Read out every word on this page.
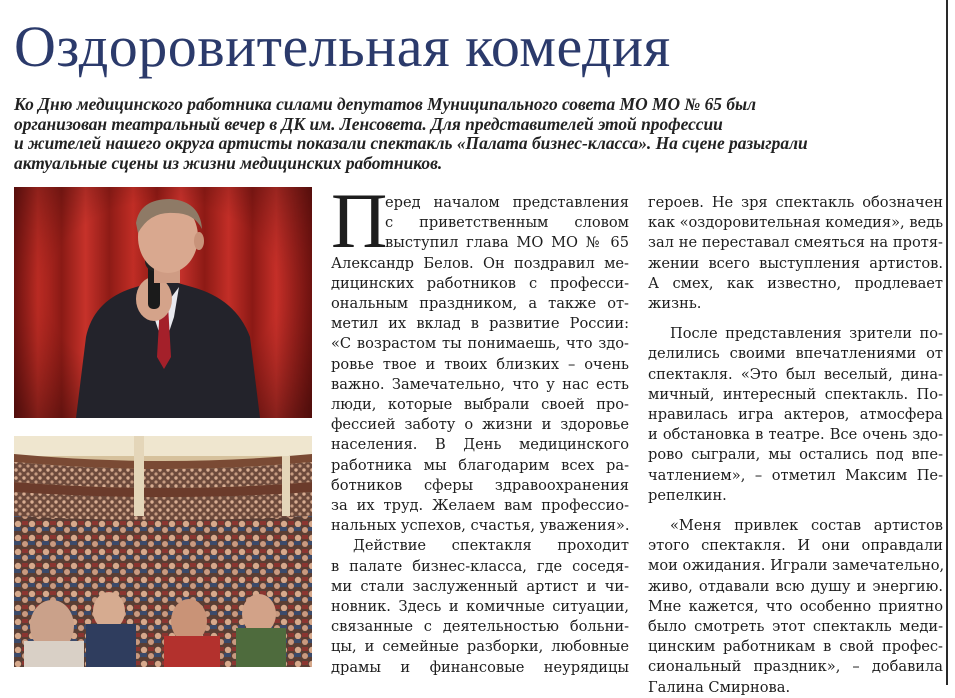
Оздоровительная комедия
Ко Дню медицинского работника силами депутатов Муниципального совета МО МО № 65 был
организован театральный вечер в ДК им. Ленсовета. Для представителей этой профессии
и жителей нашего округа артисты показали спектакль «Палата бизнес-класса». На сцене разыграли
актуальные сцены из жизни медицинских работников.
П
еред началом представления
с приветственным словом
выступил глава МО МО № 65
Александр Белов. Он поздравил ме-
дицинских работников с професси-
ональным праздником, а также от-
метил их вклад в развитие России:
«С возрастом ты понимаешь, что здо-
ровье твое и твоих близких – очень
важно. Замечательно, что у нас есть
люди, которые выбрали своей про-
фессией заботу о жизни и здоровье
населения. В День медицинского
работника мы благодарим всех ра-
ботников сферы здравоохранения
за их труд. Желаем вам профессио-
нальных успехов, счастья, уважения».
Действие спектакля проходит
в палате бизнес-класса, где соседя-
ми стали заслуженный артист и чи-
новник. Здесь и комичные ситуации,
связанные с деятельностью больни-
цы, и семейные разборки, любовные
драмы и финансовые неурядицы
героев. Не зря спектакль обозначен
как «оздоровительная комедия», ведь
зал не переставал смеяться на протя-
жении всего выступления артистов.
А смех, как известно, продлевает
жизнь.
После представления зрители по-
делились своими впечатлениями от
спектакля. «Это был веселый, дина-
мичный, интересный спектакль. По-
нравилась игра актеров, атмосфера
и обстановка в театре. Все очень здо-
рово сыграли, мы остались под впе-
чатлением», – отметил Максим Пе-
репелкин.
«Меня привлек состав артистов
этого спектакля. И они оправдали
мои ожидания. Играли замечательно,
живо, отдавали всю душу и энергию.
Мне кажется, что особенно приятно
было смотреть этот спектакль меди-
цинским работникам в свой профес-
сиональный праздник», – добавила
Галина Смирнова.
